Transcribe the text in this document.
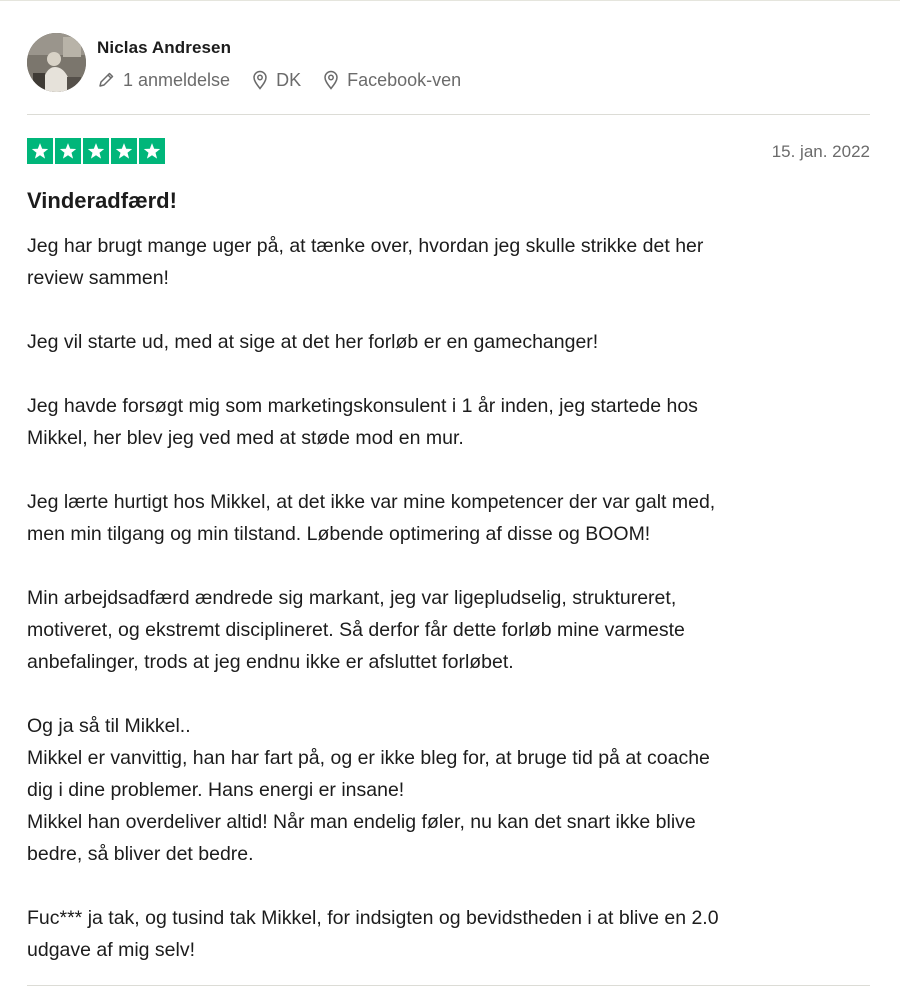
Niclas Andresen
1 anmeldelse	DK	Facebook-ven
15. jan. 2022
Vinderadfærd!

Jeg har brugt mange uger på, at tænke over, hvordan jeg skulle strikke det her
review sammen!

Jeg vil starte ud, med at sige at det her forløb er en gamechanger!

Jeg havde forsøgt mig som marketingskonsulent i 1 år inden, jeg startede hos
Mikkel, her blev jeg ved med at støde mod en mur.

Jeg lærte hurtigt hos Mikkel, at det ikke var mine kompetencer der var galt med,
men min tilgang og min tilstand. Løbende optimering af disse og BOOM!

Min arbejdsadfærd ændrede sig markant, jeg var ligepludselig, struktureret,
motiveret, og ekstremt disciplineret. Så derfor får dette forløb mine varmeste
anbefalinger, trods at jeg endnu ikke er afsluttet forløbet.

Og ja så til Mikkel..
Mikkel er vanvittig, han har fart på, og er ikke bleg for, at bruge tid på at coache
dig i dine problemer. Hans energi er insane!
Mikkel han overdeliver altid! Når man endelig føler, nu kan det snart ikke blive
bedre, så bliver det bedre.

Fuc*** ja tak, og tusind tak Mikkel, for indsigten og bevidstheden i at blive en 2.0
udgave af mig selv!
